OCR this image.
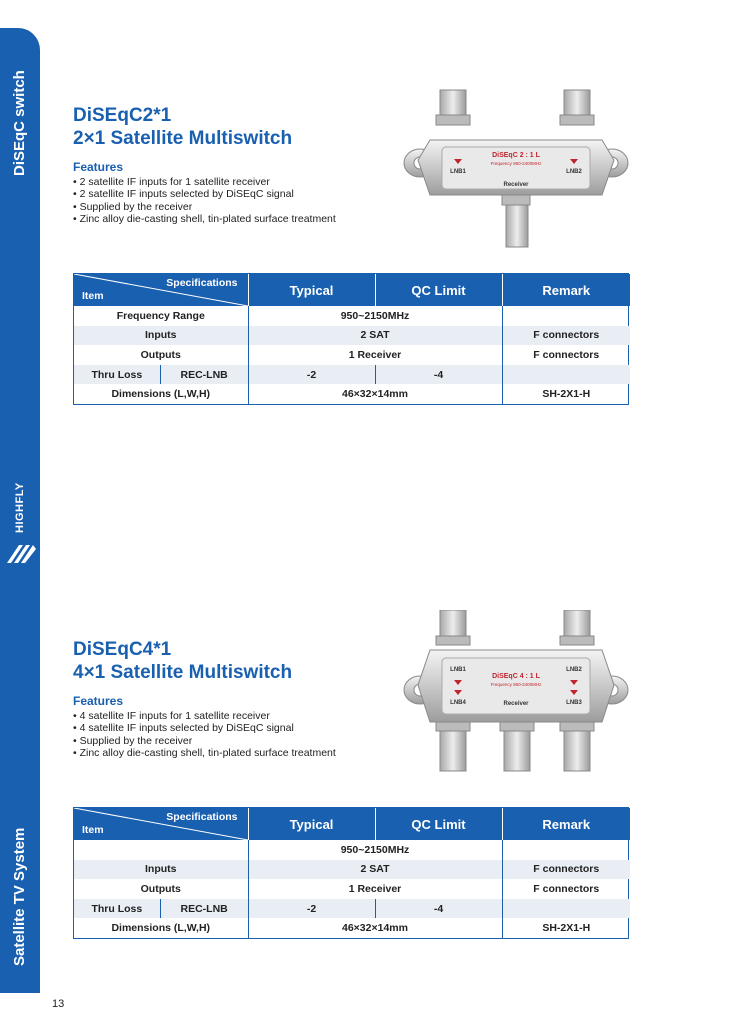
DiSEqC switch
HIGHFLY
Satellite TV System
13
DiSEqC2*1
2×1 Satellite Multiswitch
Features
• 2 satellite IF inputs for 1 satellite receiver
• 2 satellite IF inputs selected by DiSEqC signal
• Supplied by the receiver
• Zinc alloy die-casting shell, tin-plated surface treatment
DiSEqC 2 : 1 L
Frequency 950-2400MHz
LNB1	LNB2
Receiver
Specifications
Item	Typical	QC Limit	Remark
Frequency Range	950~2150MHz		
Inputs	2 SAT		F connectors
Outputs	1 Receiver		F connectors

Thru Loss REC-LNB	-2	-4	
Dimensions (L,W,H)	46×32×14mm		SH-2X1-H
DiSEqC4*1
4×1 Satellite Multiswitch
Features
• 4 satellite IF inputs for 1 satellite receiver
• 4 satellite IF inputs selected by DiSEqC signal
• Supplied by the receiver
• Zinc alloy die-casting shell, tin-plated surface treatment
DiSEqC 4 : 1 L
Frequency 950-2400MHz
LNB1	LNB2
LNB4	LNB3
Receiver
Specifications
Item	Typical	QC Limit	Remark
	950~2150MHz		
Inputs	2 SAT		F connectors
Outputs	1 Receiver		F connectors

Thru Loss REC-LNB	-2	-4	
Dimensions (L,W,H)	46×32×14mm		SH-2X1-H
